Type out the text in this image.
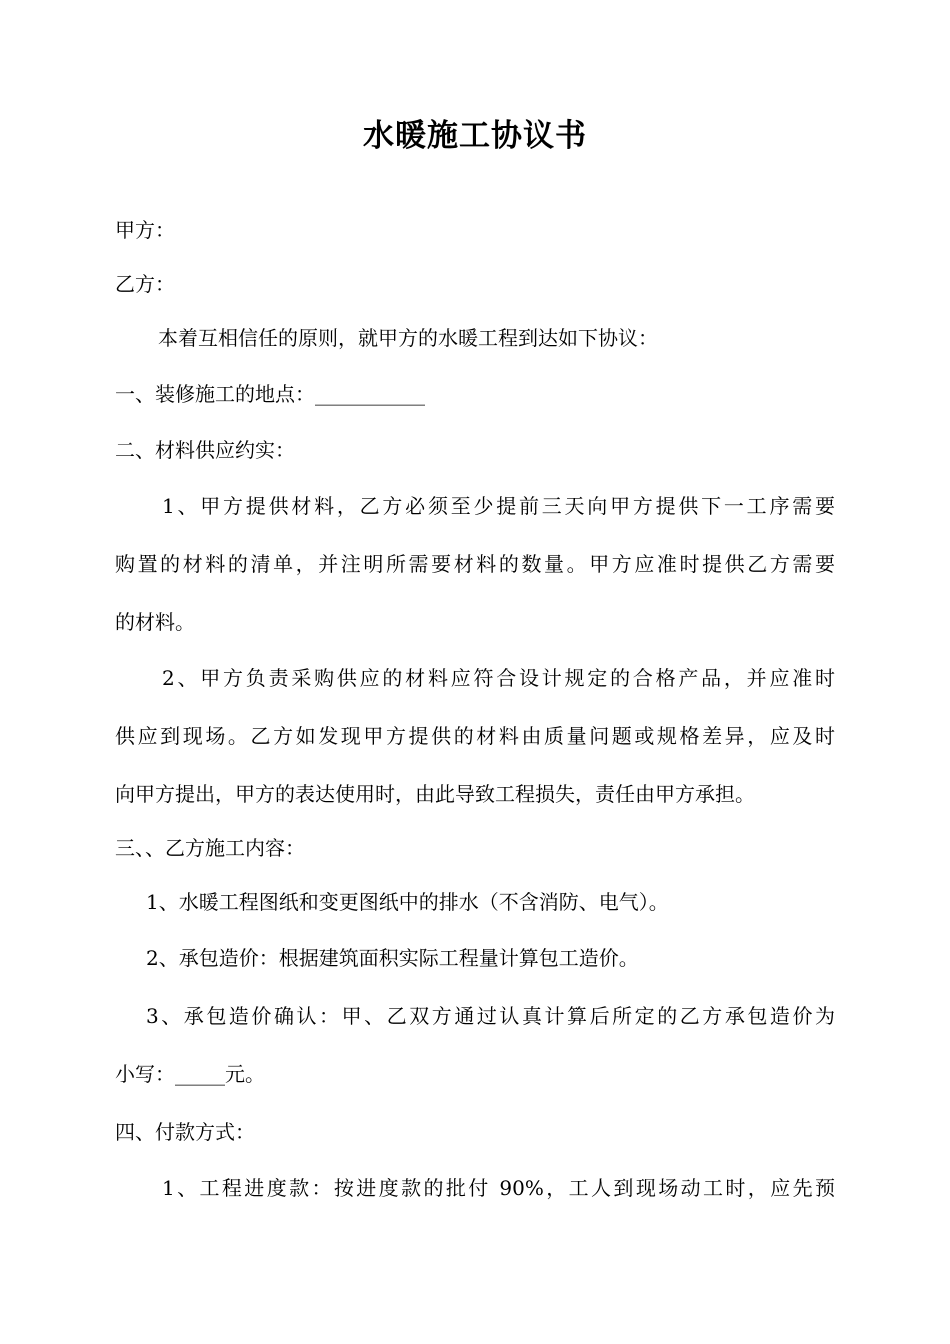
水暖施工协议书
甲方：
乙方：
本着互相信任的原则，就甲方的水暖工程到达如下协议：
一、装修施工的地点：___________
二、材料供应约实：
1、甲方提供材料，乙方必须至少提前三天向甲方提供下一工序需要
购置的材料的清单，并注明所需要材料的数量。甲方应准时提供乙方需要
的材料。
2、甲方负责采购供应的材料应符合设计规定的合格产品，并应准时
供应到现场。乙方如发现甲方提供的材料由质量问题或规格差异，应及时
向甲方提出，甲方的表达使用时，由此导致工程损失，责任由甲方承担。
三、、乙方施工内容：
1、水暖工程图纸和变更图纸中的排水（不含消防、电气）。
2、承包造价：根据建筑面积实际工程量计算包工造价。
3、承包造价确认：甲、乙双方通过认真计算后所定的乙方承包造价为
小写：_____元。
四、付款方式：
1、工程进度款：按进度款的批付 90%，工人到现场动工时，应先预
